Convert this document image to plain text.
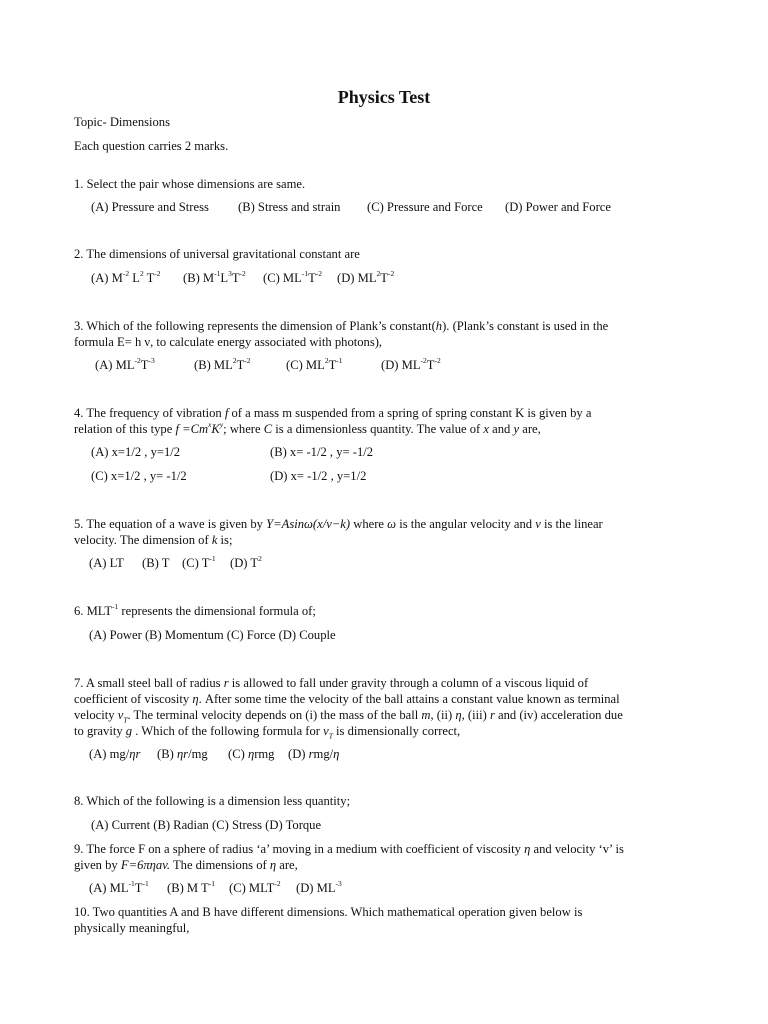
Physics Test
Topic- Dimensions
Each question carries 2 marks.
1. Select the pair whose dimensions are same.
(A) Pressure and Stress (B) Stress and strain (C) Pressure and Force (D) Power and Force
2. The dimensions of universal gravitational constant are
(A) $M^{-2}$ $L^2$ $T^{-2}$ (B) $M^{-1}L^3T^{-2}$ (C) $ML^{-1}T^{-2}$ (D) $ML^2T^{-2}$
3. Which of the following represents the dimension of Plank’s constant(h). (Plank’s constant is used in the
formula E= h ν, to calculate energy associated with photons),
(A) $ML^{-2}T^{-3}$	(B) $ML^2T^{-2}$	(C) $ML^2T^{-1}$	(D) $ML^{-2}T^{-2}$
4. The frequency of vibration f of a mass m suspended from a spring of spring constant K is given by a
relation of this type $f =Cm^xK^y$; where C is a dimensionless quantity. The value of x and y are,
(A) x=1/2 , y=1/2	(B) x= -1/2 , y= -1/2
(C) x=1/2 , y= -1/2	(D) x= -1/2 , y=1/2
5. The equation of a wave is given by Y=Asinω(x/v−k) where ω is the angular velocity and v is the linear
velocity. The dimension of k is;
(A) LT (B) T (C) $T^{-1}$ (D) $T^2$
6. $MLT^{-1}$ represents the dimensional formula of;
(A) Power (B) Momentum (C) Force (D) Couple
7. A small steel ball of radius r is allowed to fall under gravity through a column of a viscous liquid of
coefficient of viscosity η. After some time the velocity of the ball attains a constant value known as terminal
velocity $v_T$. The terminal velocity depends on (i) the mass of the ball m, (ii) η, (iii) r and (iv) acceleration due
to gravity g . Which of the following formula for $v_T$ is dimensionally correct,
(A) mg/ηr (B) ηr/mg (C) ηrmg (D) rmg/η
8. Which of the following is a dimension less quantity;
(A) Current (B) Radian (C) Stress (D) Torque
9. The force F on a sphere of radius ‘a’ moving in a medium with coefficient of viscosity η and velocity ‘v’ is
given by F=6πηav. The dimensions of η are,
(A) $ML^{-1}T^{-1}$ (B) M $T^{-1}$ (C) $MLT^{-2}$ (D) $ML^{-3}$
10. Two quantities A and B have different dimensions. Which mathematical operation given below is
physically meaningful,
